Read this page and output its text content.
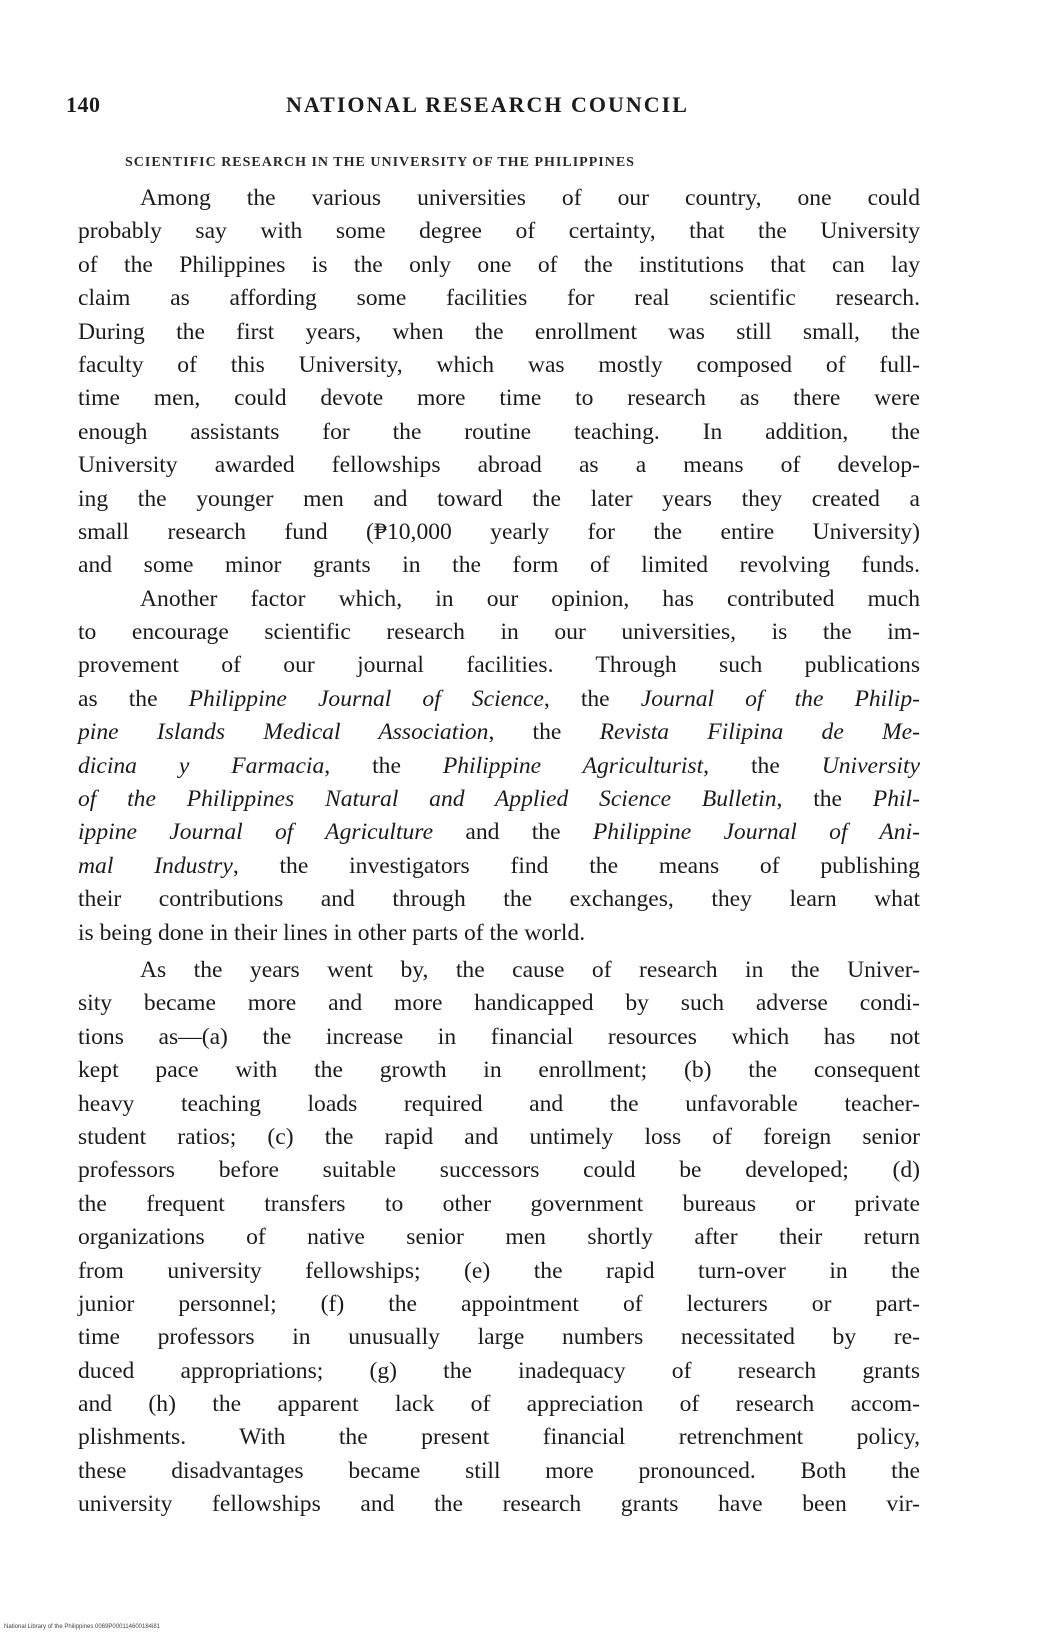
140	NATIONAL RESEARCH COUNCIL
SCIENTIFIC RESEARCH IN THE UNIVERSITY OF THE PHILIPPINES
Among the various universities of our country, one could
probably say with some degree of certainty, that the University
of the Philippines is the only one of the institutions that can lay
claim as affording some facilities for real scientific research.
During the first years, when the enrollment was still small, the
faculty of this University, which was mostly composed of full-
time men, could devote more time to research as there were
enough assistants for the routine teaching. In addition, the
University awarded fellowships abroad as a means of develop-
ing the younger men and toward the later years they created a
small research fund (₱10,000 yearly for the entire University)
and some minor grants in the form of limited revolving funds.
Another factor which, in our opinion, has contributed much
to encourage scientific research in our universities, is the im-
provement of our journal facilities. Through such publications
as the Philippine Journal of Science, the Journal of the Philip-
pine Islands Medical Association, the Revista Filipina de Me-
dicina y Farmacia, the Philippine Agriculturist, the University
of the Philippines Natural and Applied Science Bulletin, the Phil-
ippine Journal of Agriculture and the Philippine Journal of Ani-
mal Industry, the investigators find the means of publishing
their contributions and through the exchanges, they learn what
is being done in their lines in other parts of the world.
As the years went by, the cause of research in the Univer-
sity became more and more handicapped by such adverse condi-
tions as—(a) the increase in financial resources which has not
kept pace with the growth in enrollment; (b) the consequent
heavy teaching loads required and the unfavorable teacher-
student ratios; (c) the rapid and untimely loss of foreign senior
professors before suitable successors could be developed; (d)
the frequent transfers to other government bureaus or private
organizations of native senior men shortly after their return
from university fellowships; (e) the rapid turn-over in the
junior personnel; (f) the appointment of lecturers or part-
time professors in unusually large numbers necessitated by re-
duced appropriations; (g) the inadequacy of research grants
and (h) the apparent lack of appreciation of research accom-
plishments. With the present financial retrenchment policy,
these disadvantages became still more pronounced. Both the
university fellowships and the research grants have been vir-
National Library of the Philippines 0069P000114600184i81
